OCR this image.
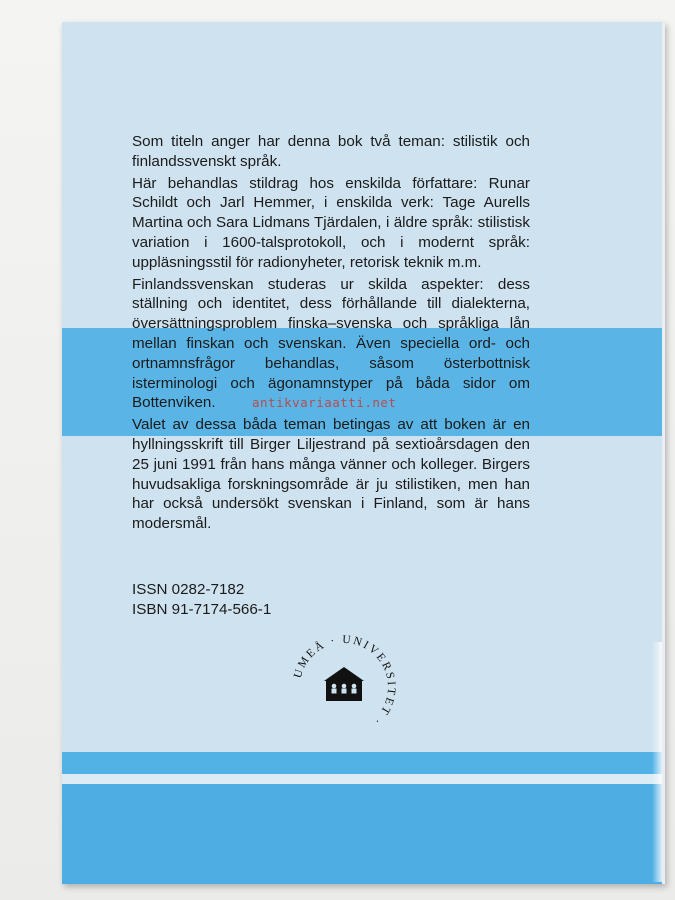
Som titeln anger har denna bok två teman: stilistik och finlandssvenskt språk.

Här behandlas stildrag hos enskilda författare: Runar Schildt och Jarl Hemmer, i enskilda verk: Tage Aurells Martina och Sara Lidmans Tjärdalen, i äldre språk: stilistisk variation i 1600-talsprotokoll, och i modernt språk: uppläsningsstil för radionyheter, retorisk teknik m.m.

Finlandssvenskan studeras ur skilda aspekter: dess ställning och identitet, dess förhållande till dialekterna, översättningsproblem finska–svenska och språkliga lån mellan finskan och svenskan. Även speciella ord- och ortnamnsfrågor behandlas, såsom österbottnisk isterminologi och ägonamnstyper på båda sidor om Bottenviken.

Valet av dessa båda teman betingas av att boken är en hyllningsskrift till Birger Liljestrand på sextioårsdagen den 25 juni 1991 från hans många vänner och kolleger. Birgers huvudsakliga forskningsområde är ju stilistiken, men han har också undersökt svenskan i Finland, som är hans modersmål.

ISSN 0282-7182
ISBN 91-7174-566-1
antikvariaatti.net
UMEÅ · UNIVERSITET ·
